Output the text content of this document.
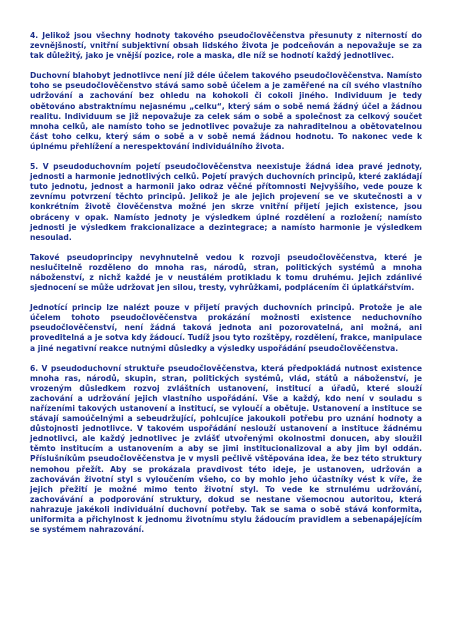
4. Jelikož jsou všechny hodnoty takového pseudočlověčenstva přesunuty z niterností do zevnějšností, vnitřní subjektivní obsah lidského života je podceňován a nepovažuje se za tak důležitý, jako je vnější pozice, role a maska, dle níž se hodnotí každý jednotlivec.

Duchovní blahobyt jednotlivce není již déle účelem takového pseudočlověčenstva. Namísto toho se pseudočlověčenstvo stává samo sobě účelem a je zaměřené na cíl svého vlastního udržování a zachování bez ohledu na kohokoli či cokoli jiného. Individuum je tedy obětováno abstraktnímu nejasnému „celku“, který sám o sobě nemá žádný účel a žádnou realitu. Individuum se již nepovažuje za celek sám o sobě a společnost za celkový součet mnoha celků, ale namísto toho se jednotlivec považuje za nahraditelnou a obětovatelnou část toho celku, který sám o sobě a v sobě nemá žádnou hodnotu. To nakonec vede k úplnému přehlížení a nerespektování individuálního života.

5. V pseudoduchovním pojetí pseudočlověčenstva neexistuje žádná idea pravé jednoty, jednosti a harmonie jednotlivých celků. Pojetí pravých duchovních principů, které zakládají tuto jednotu, jednost a harmonii jako odraz věčné přítomnosti Nejvyššího, vede pouze k zevnímu potvrzení těchto principů. Jelikož je ale jejich projevení se ve skutečnosti a v konkrétním životě člověčenstva možné jen skrze vnitřní přijetí jejich existence, jsou obráceny v opak. Namísto jednoty je výsledkem úplné rozdělení a rozložení; namísto jednosti je výsledkem frakcionalizace a dezintegrace; a namísto harmonie je výsledkem nesoulad.

Takové pseudoprincipy nevyhnutelně vedou k rozvoji pseudočlověčenstva, které je neslučitelně rozděleno do mnoha ras, národů, stran, politických systémů a mnoha náboženství, z nichž každé je v neustálém protikladu k tomu druhému. Jejich zdánlivé sjednocení se může udržovat jen silou, tresty, vyhrůžkami, podplácením či úplatkářstvím.

Jednotící princip lze nalézt pouze v přijetí pravých duchovních principů. Protože je ale účelem tohoto pseudočlověčenstva prokázání možnosti existence neduchovního pseudočlověčenství, není žádná taková jednota ani pozorovatelná, ani možná, ani proveditelná a je sotva kdy žádoucí. Tudíž jsou tyto rozštěpy, rozdělení, frakce, manipulace a jiné negativní reakce nutnými důsledky a výsledky uspořádání pseudočlověčenstva.

6. V pseudoduchovní struktuře pseudočlověčenstva, která předpokládá nutnost existence mnoha ras, národů, skupin, stran, politických systémů, vlád, států a náboženství, je vrozeným důsledkem rozvoj zvláštních ustanovení, institucí a úřadů, které slouží zachování a udržování jejich vlastního uspořádání. Vše a každý, kdo není v souladu s nařízeními takových ustanovení a institucí, se vyloučí a obětuje. Ustanovení a instituce se stávají samoúčelnými a sebeudržující, pohlcujíce jakoukoli potřebu pro uznání hodnoty a důstojnosti jednotlivce. V takovém uspořádání neslouží ustanovení a instituce žádnému jednotlivci, ale každý jednotlivec je zvlášť utvořenými okolnostmi donucen, aby sloužil těmto institucím a ustanovením a aby se jimi institucionalizoval a aby jim byl oddán. Příslušníkům pseudočlověčenstva je v mysli pečlivě vštěpována idea, že bez této struktury nemohou přežít. Aby se prokázala pravdivost této ideje, je ustanoven, udržován a zachováván životní styl s vyloučením všeho, co by mohlo jeho účastníky vést k víře, že jejich přežití je možné mimo tento životní styl. To vede ke strnulému udržování, zachovávání a podporování struktury, dokud se nestane všemocnou autoritou, která nahrazuje jakékoli individuální duchovní potřeby. Tak se sama o sobě stává konformita, uniformita a přichylnost k jednomu životnímu stylu žádoucím pravidlem a sebenapájejícím se systémem nahrazování.
